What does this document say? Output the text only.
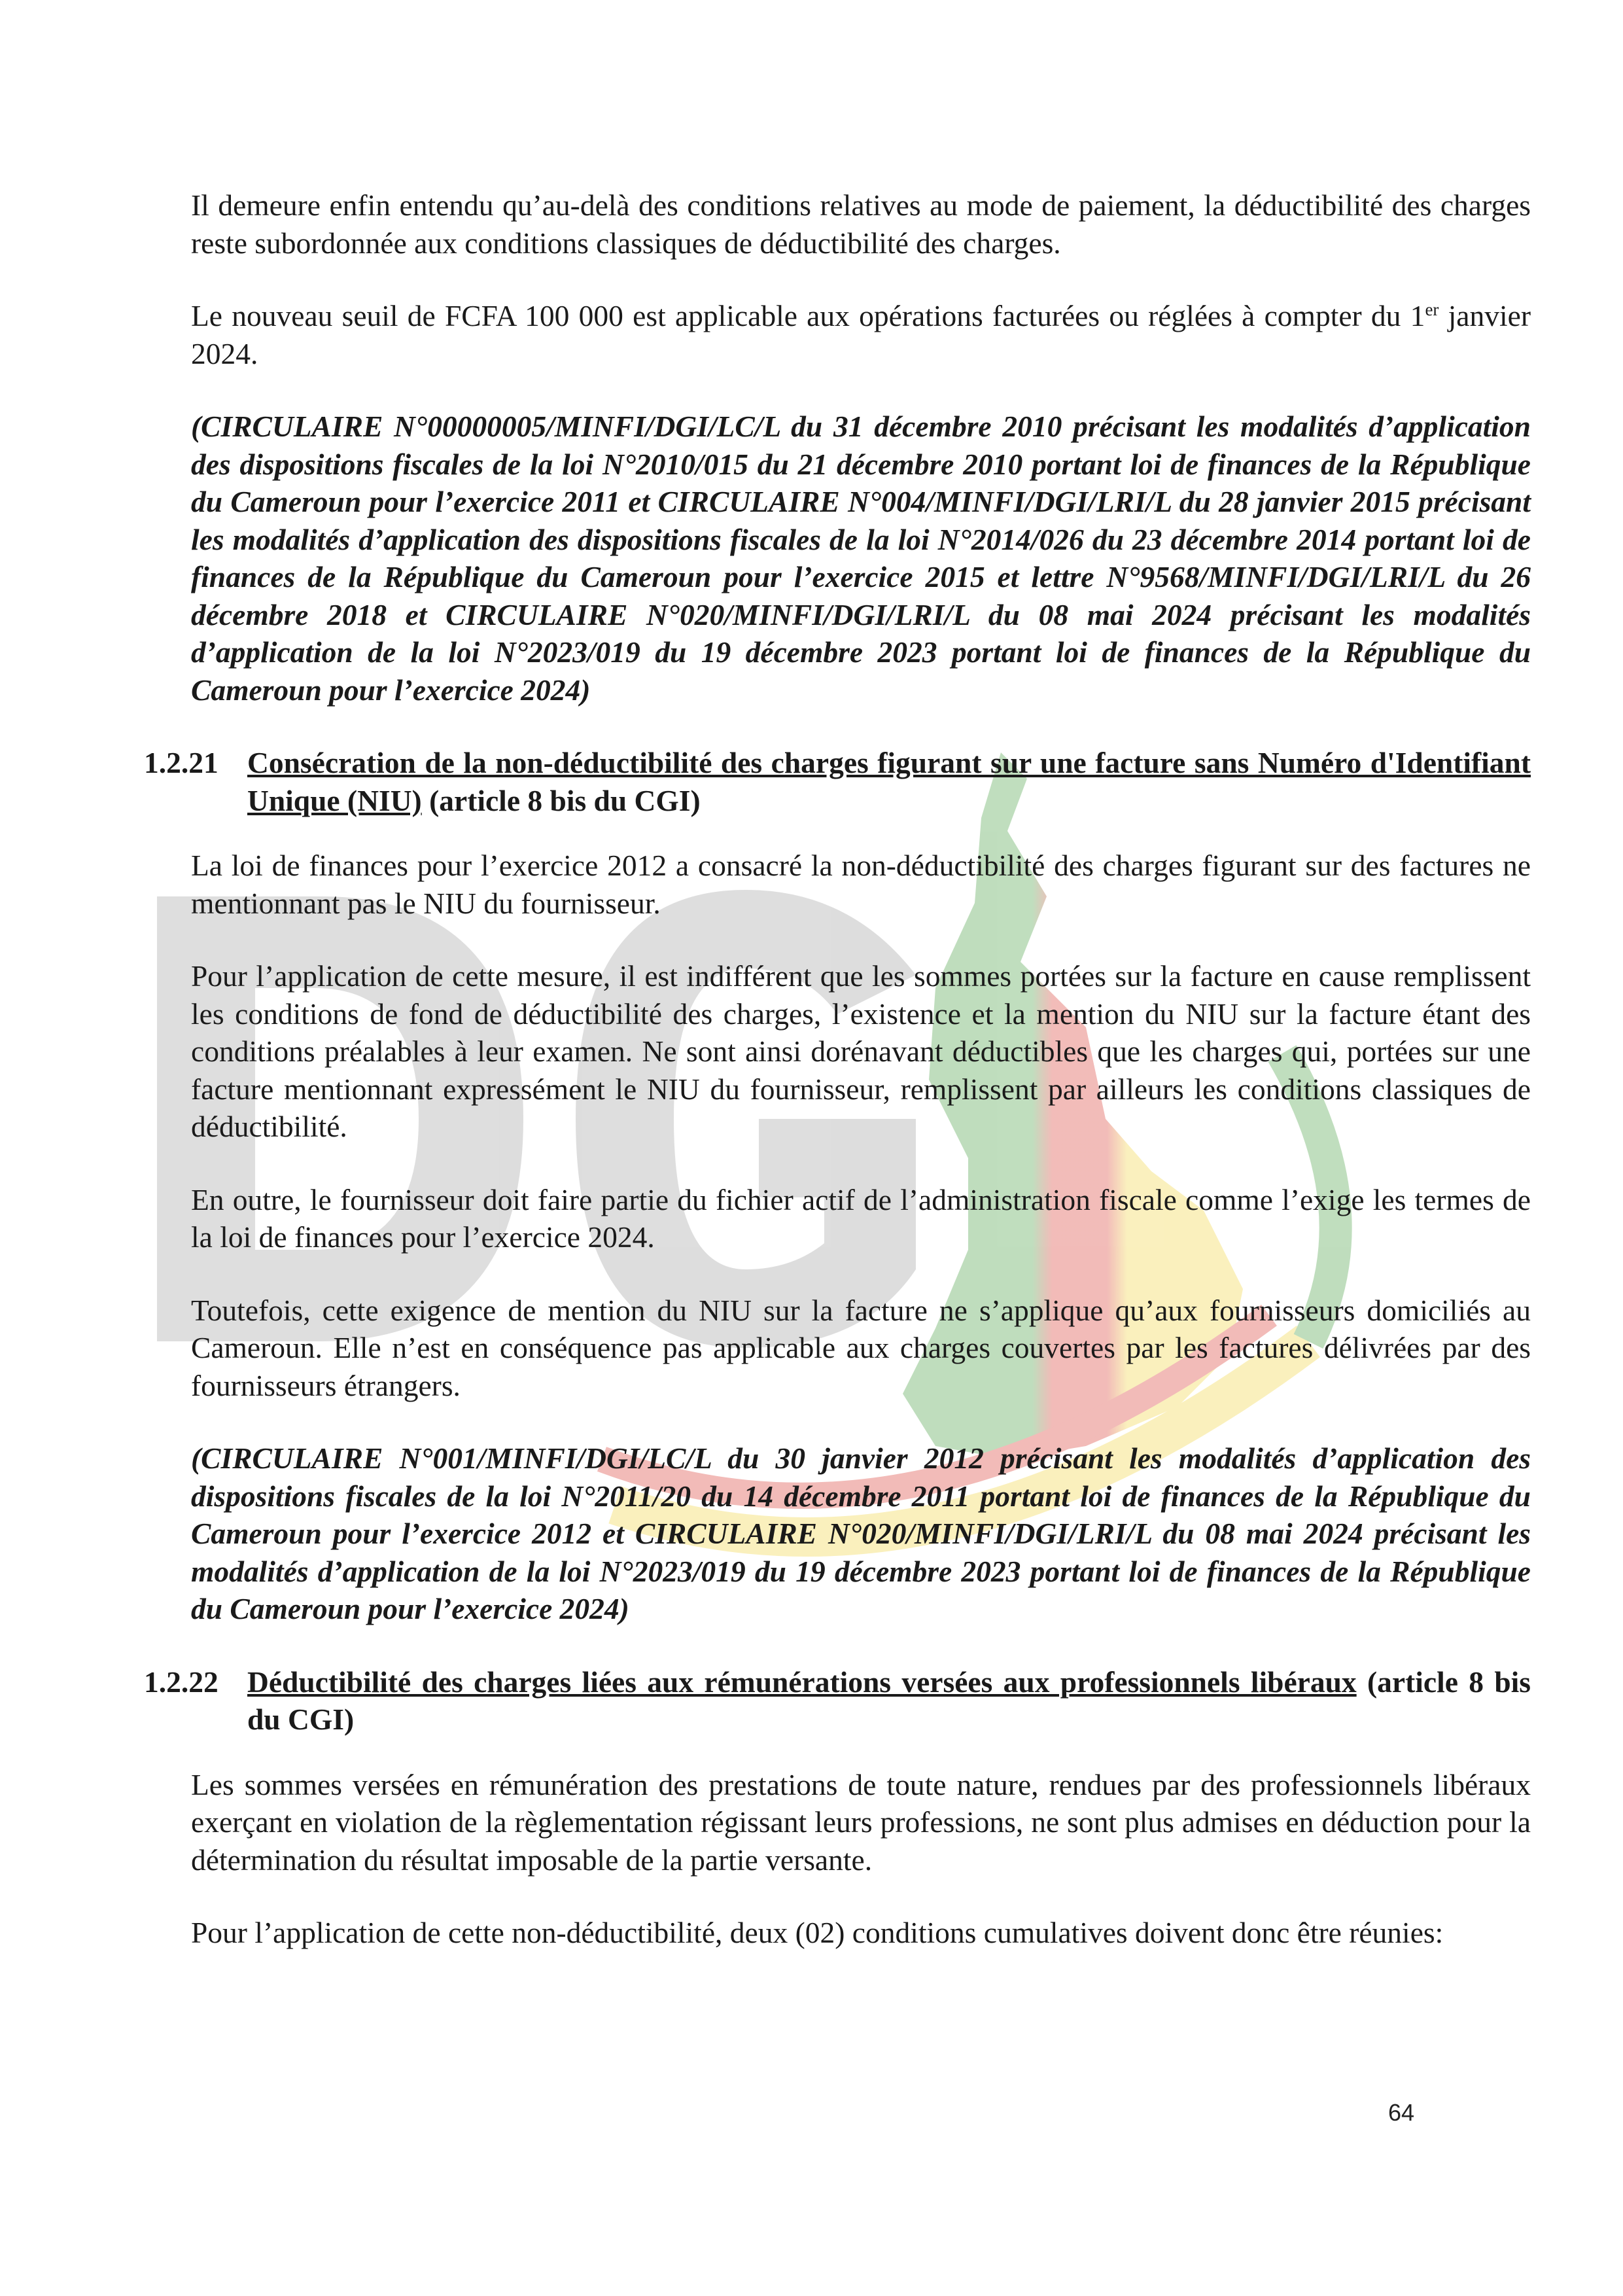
Il demeure enfin entendu qu’au-delà des conditions relatives au mode de paiement, la déductibilité des charges reste subordonnée aux conditions classiques de déductibilité des charges.

Le nouveau seuil de FCFA 100 000 est applicable aux opérations facturées ou réglées à compter du 1er janvier 2024.

(CIRCULAIRE N°00000005/MINFI/DGI/LC/L du 31 décembre 2010 précisant les modalités d’application des dispositions fiscales de la loi N°2010/015 du 21 décembre 2010 portant loi de finances de la République du Cameroun pour l’exercice 2011 et CIRCULAIRE N°004/MINFI/DGI/LRI/L du 28 janvier 2015 précisant les modalités d’application des dispositions fiscales de la loi N°2014/026 du 23 décembre 2014 portant loi de finances de la République du Cameroun pour l’exercice 2015 et lettre N°9568/MINFI/DGI/LRI/L du 26 décembre 2018 et CIRCULAIRE N°020/MINFI/DGI/LRI/L du 08 mai 2024 précisant les modalités d’application de la loi N°2023/019 du 19 décembre 2023 portant loi de finances de la République du Cameroun pour l’exercice 2024)

1.2.21 Consécration de la non-déductibilité des charges figurant sur une facture sans Numéro d'Identifiant Unique (NIU) (article 8 bis du CGI)

La loi de finances pour l’exercice 2012 a consacré la non-déductibilité des charges figurant sur des factures ne mentionnant pas le NIU du fournisseur.

Pour l’application de cette mesure, il est indifférent que les sommes portées sur la facture en cause remplissent les conditions de fond de déductibilité des charges, l’existence et la mention du NIU sur la facture étant des conditions préalables à leur examen. Ne sont ainsi dorénavant déductibles que les charges qui, portées sur une facture mentionnant expressément le NIU du fournisseur, remplissent par ailleurs les conditions classiques de déductibilité.

En outre, le fournisseur doit faire partie du fichier actif de l’administration fiscale comme l’exige les termes de la loi de finances pour l’exercice 2024.

Toutefois, cette exigence de mention du NIU sur la facture ne s’applique qu’aux fournisseurs domiciliés au Cameroun. Elle n’est en conséquence pas applicable aux charges couvertes par les factures délivrées par des fournisseurs étrangers.

(CIRCULAIRE N°001/MINFI/DGI/LC/L du 30 janvier 2012 précisant les modalités d’application des dispositions fiscales de la loi N°2011/20 du 14 décembre 2011 portant loi de finances de la République du Cameroun pour l’exercice 2012 et CIRCULAIRE N°020/MINFI/DGI/LRI/L du 08 mai 2024 précisant les modalités d’application de la loi N°2023/019 du 19 décembre 2023 portant loi de finances de la République du Cameroun pour l’exercice 2024)

1.2.22 Déductibilité des charges liées aux rémunérations versées aux professionnels libéraux (article 8 bis du CGI)

Les sommes versées en rémunération des prestations de toute nature, rendues par des professionnels libéraux exerçant en violation de la règlementation régissant leurs professions, ne sont plus admises en déduction pour la détermination du résultat imposable de la partie versante.

Pour l’application de cette non-déductibilité, deux (02) conditions cumulatives doivent donc être réunies:

64
